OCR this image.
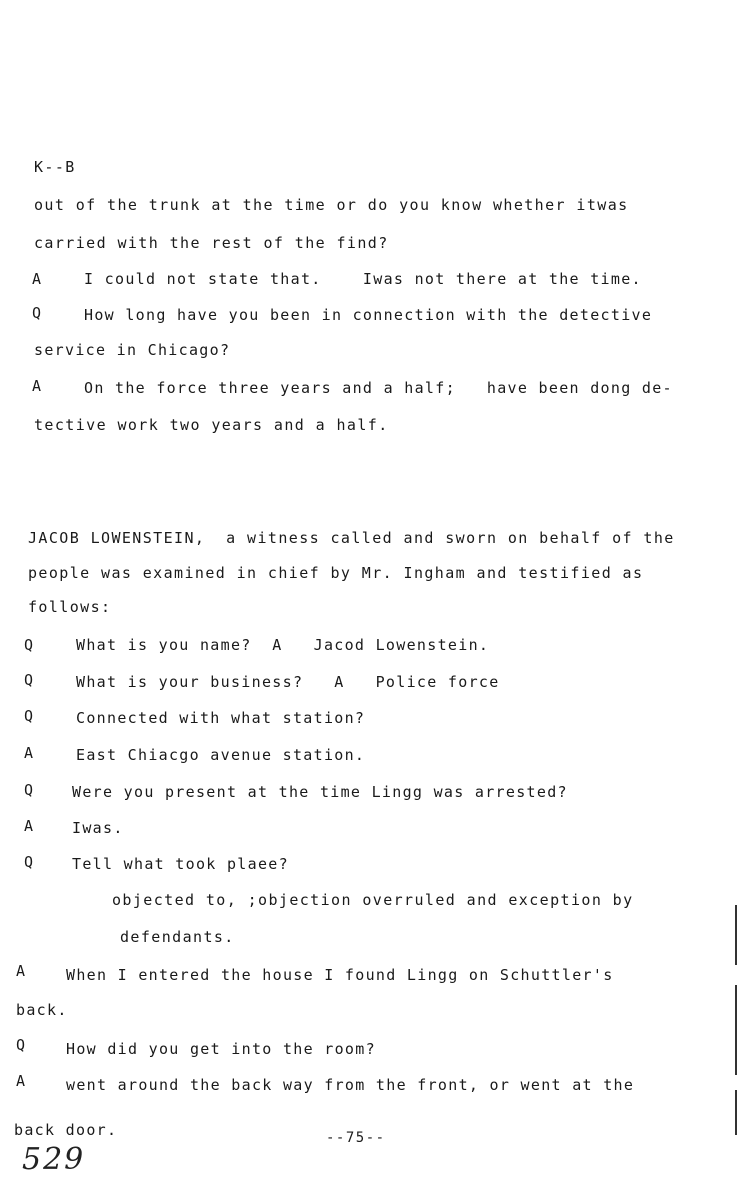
K--B
out of the trunk at the time or do you know whether itwas
carried with the rest of the find?
A	I could not state that.    Iwas not there at the time.
Q	How long have you been in connection with the detective
service in Chicago?
A	On the force three years and a half;   have been dong de-
tective work two years and a half.
JACOB LOWENSTEIN,  a witness called and sworn on behalf of the
people was examined in chief by Mr. Ingham and testified as
follows:
Q	What is you name?  A   Jacod Lowenstein.
Q	What is your business?   A   Police force
Q	Connected with what station?
A	East Chiacgo avenue station.
Q	Were you present at the time Lingg was arrested?
A	Iwas.
Q	Tell what took plaee?
objected to, ;objection overruled and exception by
defendants.
A	When I entered the house I found Lingg on Schuttler's
back.
Q	How did you get into the room?
A	went around the back way from the front, or went at the
back door.	--75--
529
